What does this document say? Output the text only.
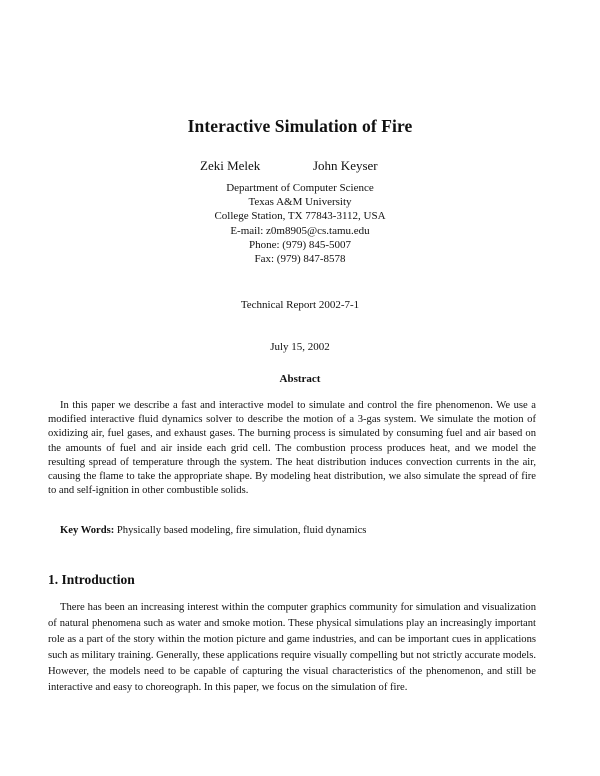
Interactive Simulation of Fire
Zeki Melek	John Keyser
Department of Computer Science
Texas A&M University
College Station, TX 77843-3112, USA
E-mail: z0m8905@cs.tamu.edu
Phone: (979) 845-5007
Fax: (979) 847-8578
Technical Report 2002-7-1
July 15, 2002
Abstract

In this paper we describe a fast and interactive model to simulate and control the fire phenomenon. We use a modified interactive fluid dynamics solver to describe the motion of a 3-gas system. We simulate the motion of oxidizing air, fuel gases, and exhaust gases. The burning process is simulated by consuming fuel and air based on the amounts of fuel and air inside each grid cell. The combustion process produces heat, and we model the resulting spread of temperature through the system. The heat distribution induces convection currents in the air, causing the flame to take the appropriate shape. By modeling heat distribution, we also simulate the spread of fire to and self-ignition in other combustible solids.

Key Words: Physically based modeling, fire simulation, fluid dynamics
1. Introduction

There has been an increasing interest within the computer graphics community for simulation and visualization of natural phenomena such as water and smoke motion. These physical simulations play an increasingly important role as a part of the story within the motion picture and game industries, and can be important cues in applications such as military training. Generally, these applications require visually compelling but not strictly accurate models. However, the models need to be capable of capturing the visual characteristics of the phenomenon, and still be interactive and easy to choreograph. In this paper, we focus on the simulation of fire.
